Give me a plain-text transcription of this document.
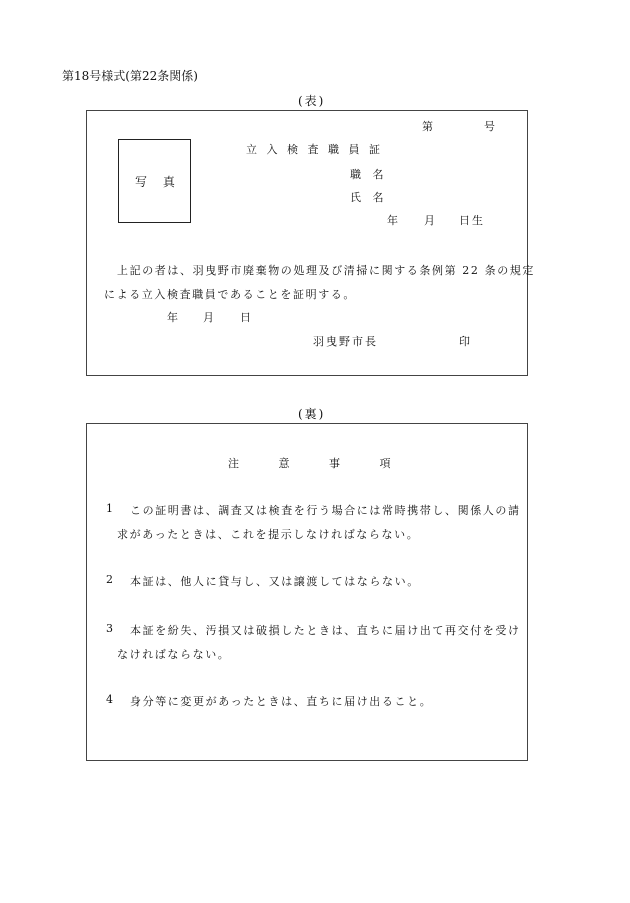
第18号様式(第22条関係)
(表)
第	号
写 真
立 入 検 査 職 員 証
職 名
氏 名
年 月 日生
上記の者は、羽曳野市廃棄物の処理及び清掃に関する条例第 22 条の規定
による立入検査職員であることを証明する。
年 月 日
羽曳野市長	印
(裏)
注 意 事 項
1 この証明書は、調査又は検査を行う場合には常時携帯し、関係人の請
求があったときは、これを提示しなければならない。
2 本証は、他人に貸与し、又は譲渡してはならない。
3 本証を紛失、汚損又は破損したときは、直ちに届け出て再交付を受け
なければならない。
4 身分等に変更があったときは、直ちに届け出ること。
